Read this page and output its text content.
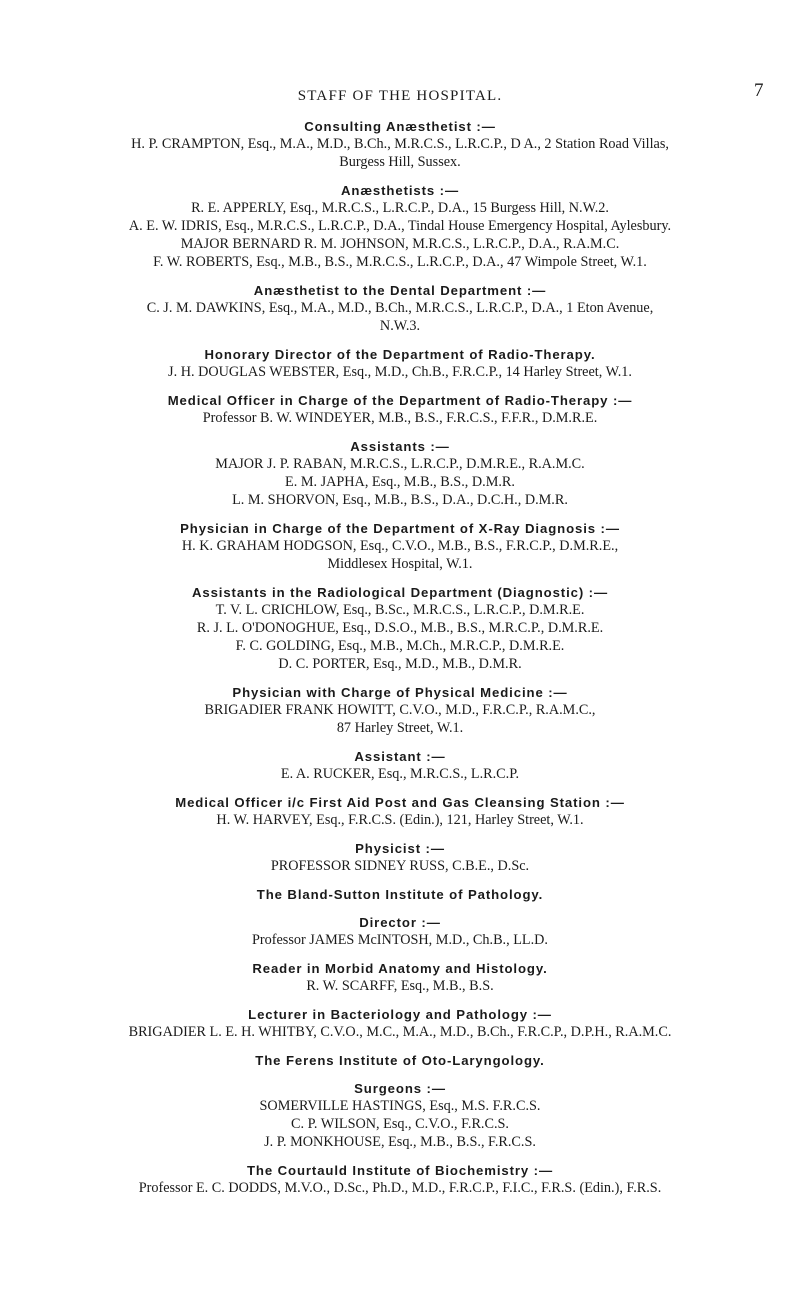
STAFF OF THE HOSPITAL.	7
Consulting Anæsthetist :—
H. P. CRAMPTON, Esq., M.A., M.D., B.Ch., M.R.C.S., L.R.C.P., D A., 2 Station Road Villas,
Burgess Hill, Sussex.
Anæsthetists :—
R. E. APPERLY, Esq., M.R.C.S., L.R.C.P., D.A., 15 Burgess Hill, N.W.2.
A. E. W. IDRIS, Esq., M.R.C.S., L.R.C.P., D.A., Tindal House Emergency Hospital, Aylesbury.
MAJOR BERNARD R. M. JOHNSON, M.R.C.S., L.R.C.P., D.A., R.A.M.C.
F. W. ROBERTS, Esq., M.B., B.S., M.R.C.S., L.R.C.P., D.A., 47 Wimpole Street, W.1.
Anæsthetist to the Dental Department :—
C. J. M. DAWKINS, Esq., M.A., M.D., B.Ch., M.R.C.S., L.R.C.P., D.A., 1 Eton Avenue,
N.W.3.
Honorary Director of the Department of Radio-Therapy.
J. H. DOUGLAS WEBSTER, Esq., M.D., Ch.B., F.R.C.P., 14 Harley Street, W.1.
Medical Officer in Charge of the Department of Radio-Therapy :—
Professor B. W. WINDEYER, M.B., B.S., F.R.C.S., F.F.R., D.M.R.E.
Assistants :—
MAJOR J. P. RABAN, M.R.C.S., L.R.C.P., D.M.R.E., R.A.M.C.
E. M. JAPHA, Esq., M.B., B.S., D.M.R.
L. M. SHORVON, Esq., M.B., B.S., D.A., D.C.H., D.M.R.
Physician in Charge of the Department of X-Ray Diagnosis :—
H. K. GRAHAM HODGSON, Esq., C.V.O., M.B., B.S., F.R.C.P., D.M.R.E.,
Middlesex Hospital, W.1.
Assistants in the Radiological Department (Diagnostic) :—
T. V. L. CRICHLOW, Esq., B.Sc., M.R.C.S., L.R.C.P., D.M.R.E.
R. J. L. O'DONOGHUE, Esq., D.S.O., M.B., B.S., M.R.C.P., D.M.R.E.
F. C. GOLDING, Esq., M.B., M.Ch., M.R.C.P., D.M.R.E.
D. C. PORTER, Esq., M.D., M.B., D.M.R.
Physician with Charge of Physical Medicine :—
BRIGADIER FRANK HOWITT, C.V.O., M.D., F.R.C.P., R.A.M.C.,
87 Harley Street, W.1.
Assistant :—
E. A. RUCKER, Esq., M.R.C.S., L.R.C.P.
Medical Officer i/c First Aid Post and Gas Cleansing Station :—
H. W. HARVEY, Esq., F.R.C.S. (Edin.), 121, Harley Street, W.1.
Physicist :—
PROFESSOR SIDNEY RUSS, C.B.E., D.Sc.
The Bland-Sutton Institute of Pathology.
Director :—
Professor JAMES McINTOSH, M.D., Ch.B., LL.D.
Reader in Morbid Anatomy and Histology.
R. W. SCARFF, Esq., M.B., B.S.
Lecturer in Bacteriology and Pathology :—
BRIGADIER L. E. H. WHITBY, C.V.O., M.C., M.A., M.D., B.Ch., F.R.C.P., D.P.H., R.A.M.C.
The Ferens Institute of Oto-Laryngology.
Surgeons :—
SOMERVILLE HASTINGS, Esq., M.S. F.R.C.S.
C. P. WILSON, Esq., C.V.O., F.R.C.S.
J. P. MONKHOUSE, Esq., M.B., B.S., F.R.C.S.
The Courtauld Institute of Biochemistry :—
Professor E. C. DODDS, M.V.O., D.Sc., Ph.D., M.D., F.R.C.P., F.I.C., F.R.S. (Edin.), F.R.S.
